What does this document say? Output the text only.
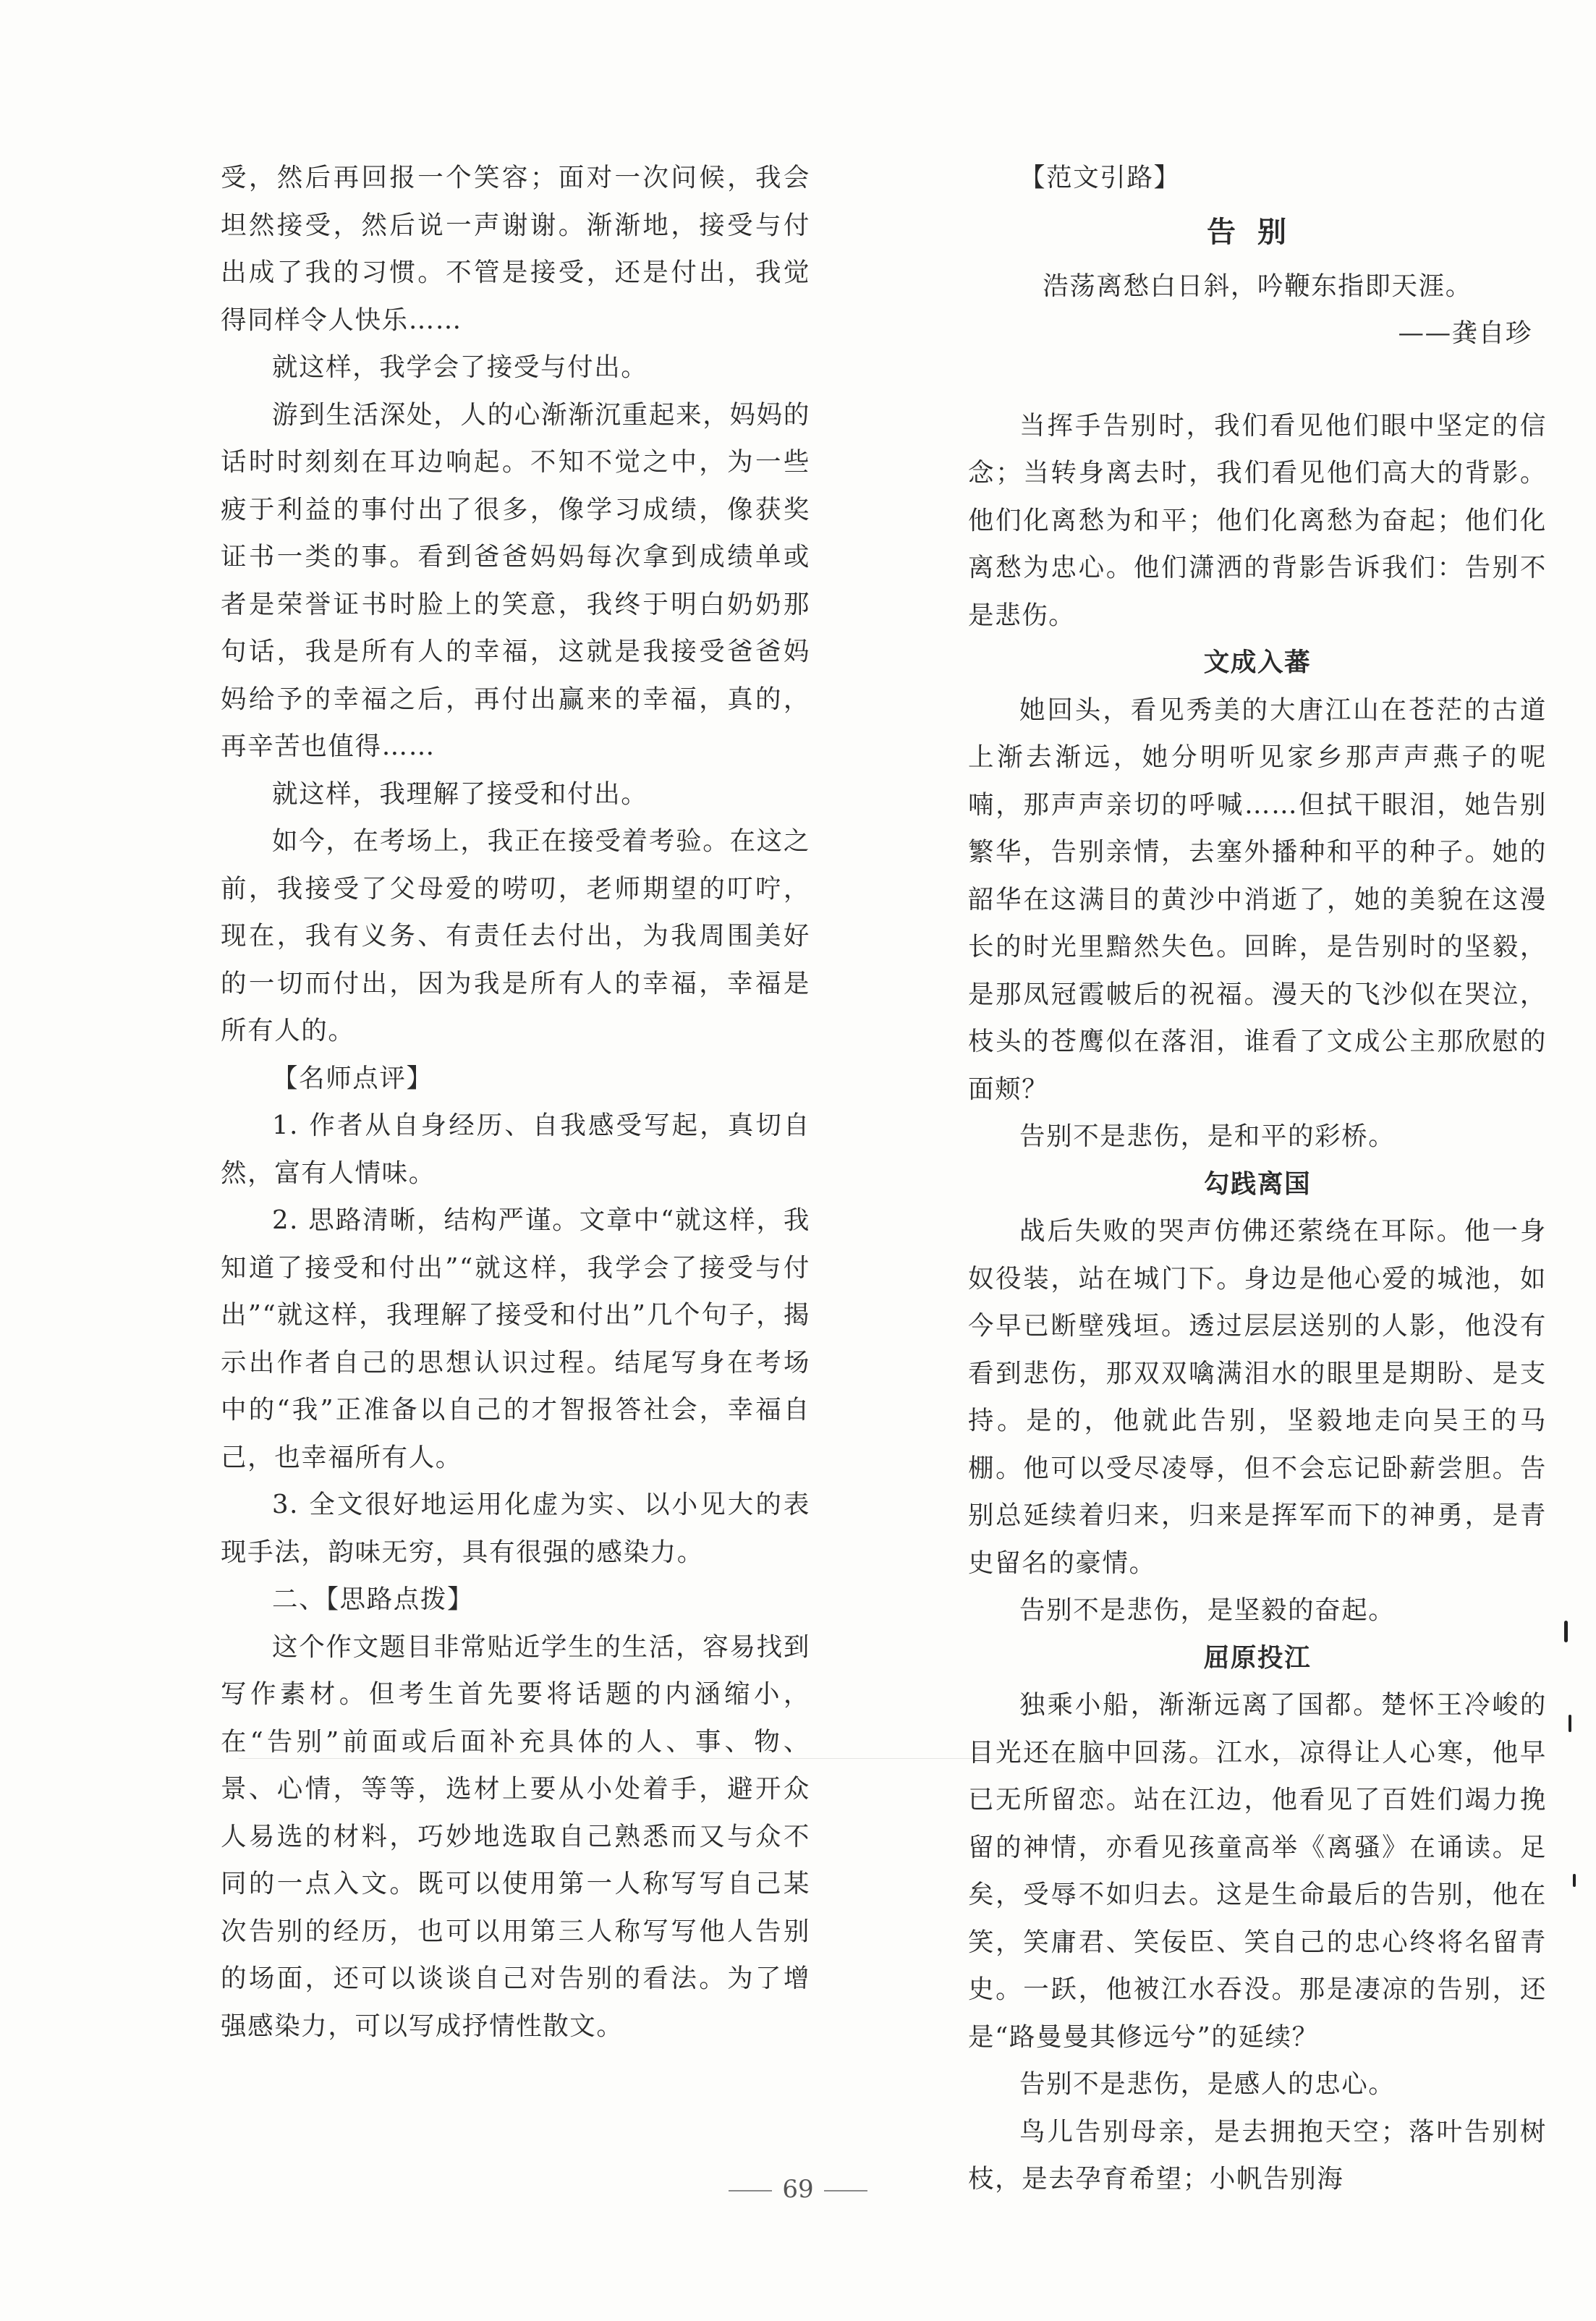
受，然后再回报一个笑容；面对一次问候，我会坦然接受，然后说一声谢谢。渐渐地，接受与付出成了我的习惯。不管是接受，还是付出，我觉得同样令人快乐……

就这样，我学会了接受与付出。

游到生活深处，人的心渐渐沉重起来，妈妈的话时时刻刻在耳边响起。不知不觉之中，为一些疲于利益的事付出了很多，像学习成绩，像获奖证书一类的事。看到爸爸妈妈每次拿到成绩单或者是荣誉证书时脸上的笑意，我终于明白奶奶那句话，我是所有人的幸福，这就是我接受爸爸妈妈给予的幸福之后，再付出赢来的幸福，真的，再辛苦也值得……

就这样，我理解了接受和付出。

如今，在考场上，我正在接受着考验。在这之前，我接受了父母爱的唠叨，老师期望的叮咛，现在，我有义务、有责任去付出，为我周围美好的一切而付出，因为我是所有人的幸福，幸福是所有人的。

【名师点评】

1. 作者从自身经历、自我感受写起，真切自然，富有人情味。

2. 思路清晰，结构严谨。文章中“就这样，我知道了接受和付出”“就这样，我学会了接受与付出”“就这样，我理解了接受和付出”几个句子，揭示出作者自己的思想认识过程。结尾写身在考场中的“我”正准备以自己的才智报答社会，幸福自己，也幸福所有人。

3. 全文很好地运用化虚为实、以小见大的表现手法，韵味无穷，具有很强的感染力。

二、【思路点拨】

这个作文题目非常贴近学生的生活，容易找到写作素材。但考生首先要将话题的内涵缩小，在“告别”前面或后面补充具体的人、事、物、景、心情，等等，选材上要从小处着手，避开众人易选的材料，巧妙地选取自己熟悉而又与众不同的一点入文。既可以使用第一人称写写自己某次告别的经历，也可以用第三人称写写他人告别的场面，还可以谈谈自己对告别的看法。为了增强感染力，可以写成抒情性散文。

【范文引路】

告别
浩荡离愁白日斜，吟鞭东指即天涯。
——龚自珍

当挥手告别时，我们看见他们眼中坚定的信念；当转身离去时，我们看见他们高大的背影。他们化离愁为和平；他们化离愁为奋起；他们化离愁为忠心。他们潇洒的背影告诉我们：告别不是悲伤。

文成入蕃

她回头，看见秀美的大唐江山在苍茫的古道上渐去渐远，她分明听见家乡那声声燕子的呢喃，那声声亲切的呼喊……但拭干眼泪，她告别繁华，告别亲情，去塞外播种和平的种子。她的韶华在这满目的黄沙中消逝了，她的美貌在这漫长的时光里黯然失色。回眸，是告别时的坚毅，是那凤冠霞帔后的祝福。漫天的飞沙似在哭泣，枝头的苍鹰似在落泪，谁看了文成公主那欣慰的面颊？

告别不是悲伤，是和平的彩桥。

勾践离国

战后失败的哭声仿佛还萦绕在耳际。他一身奴役装，站在城门下。身边是他心爱的城池，如今早已断壁残垣。透过层层送别的人影，他没有看到悲伤，那双双噙满泪水的眼里是期盼、是支持。是的，他就此告别，坚毅地走向吴王的马棚。他可以受尽凌辱，但不会忘记卧薪尝胆。告别总延续着归来，归来是挥军而下的神勇，是青史留名的豪情。

告别不是悲伤，是坚毅的奋起。

屈原投江

独乘小船，渐渐远离了国都。楚怀王冷峻的目光还在脑中回荡。江水，凉得让人心寒，他早已无所留恋。站在江边，他看见了百姓们竭力挽留的神情，亦看见孩童高举《离骚》在诵读。足矣，受辱不如归去。这是生命最后的告别，他在笑，笑庸君、笑佞臣、笑自己的忠心终将名留青史。一跃，他被江水吞没。那是凄凉的告别，还是“路曼曼其修远兮”的延续？

告别不是悲伤，是感人的忠心。

鸟儿告别母亲，是去拥抱天空；落叶告别树枝，是去孕育希望；小帆告别海

69
